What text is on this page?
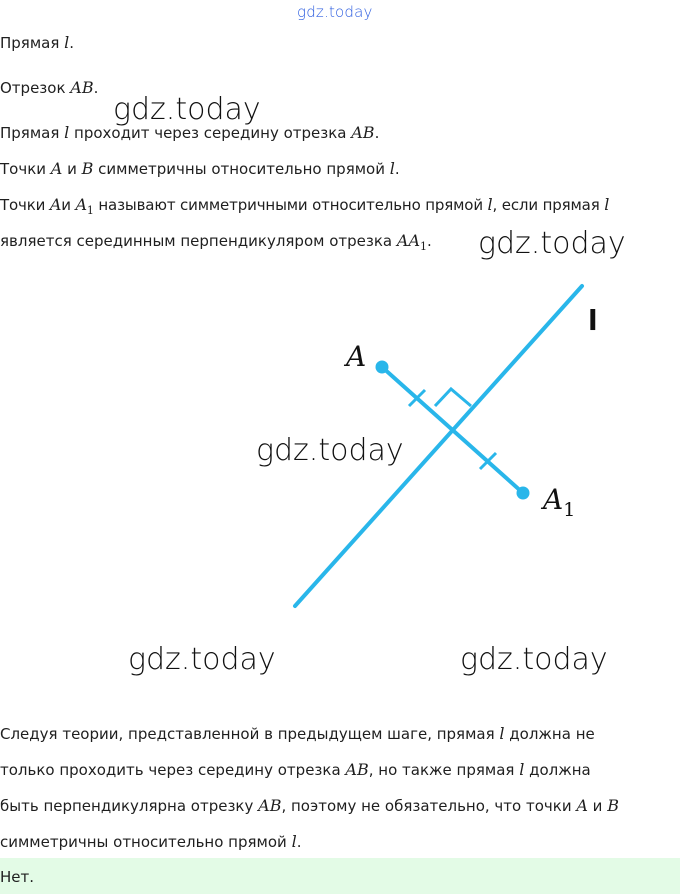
gdz.today
gdz.today
gdz.today
gdz.today
gdz.today	gdz.today
Прямая l.
Отрезок AB.
Прямая l проходит через середину отрезка AB.
Точки A и B симметричны относительно прямой l.
Точки Aи $A_1$ называют симметричными относительно прямой l, если прямая l
является серединным перпендикуляром отрезка $AA_1$.
A
$A_1$
l
Следуя теории, представленной в предыдущем шаге, прямая l должна не
только проходить через середину отрезка AB, но также прямая l должна
быть перпендикулярна отрезку AB, поэтому не обязательно, что точки A и B
симметричны относительно прямой l.
Нет.
